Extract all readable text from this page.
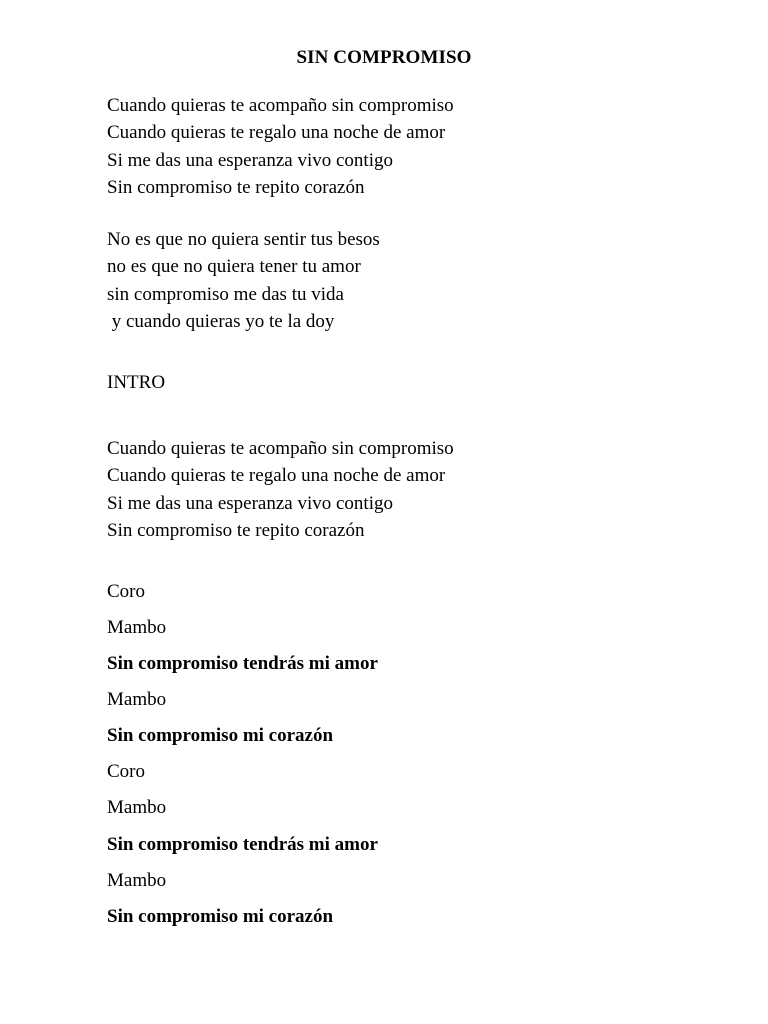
SIN COMPROMISO
Cuando quieras te acompaño sin compromiso
Cuando quieras te regalo una noche de amor
Si me das una esperanza vivo contigo
Sin compromiso te repito corazón
No es que no quiera sentir tus besos
no es que no quiera tener tu amor
sin compromiso me das tu vida
y cuando quieras yo te la doy
INTRO
Cuando quieras te acompaño sin compromiso
Cuando quieras te regalo una noche de amor
Si me das una esperanza vivo contigo
Sin compromiso te repito corazón
Coro
Mambo
Sin compromiso tendrás mi amor
Mambo
Sin compromiso mi corazón
Coro
Mambo
Sin compromiso tendrás mi amor
Mambo
Sin compromiso mi corazón
